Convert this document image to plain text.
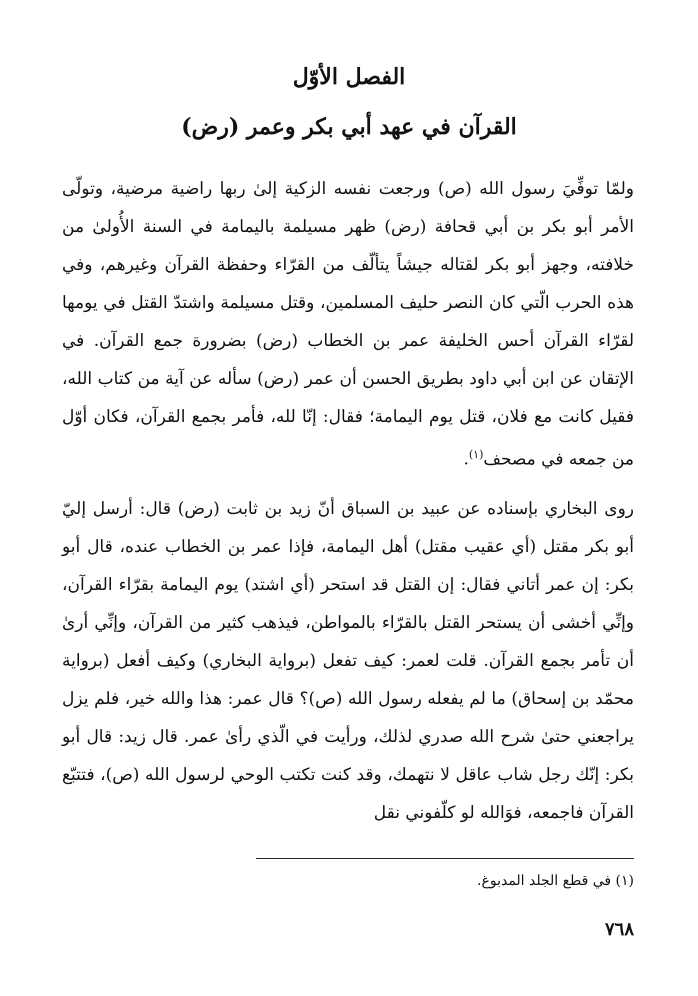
الفصل الأوّل
القرآن في عهد أبي بكر وعمر (رض)
ولمّا توفِّيَ رسول الله (ص) ورجعت نفسه الزكية إلىٰ ربها راضية مرضية، وتولّى الأمر أبو بكر بن أبي قحافة (رض) ظهر مسيلمة باليمامة في السنة الأُولىٰ من خلافته، وجهز أبو بكر لقتاله جيشاً يتألّف من القرّاء وحفظة القرآن وغيرهم، وفي هذه الحرب الّتي كان النصر حليف المسلمين، وقتل مسيلمة واشتدّ القتل في يومها لقرّاء القرآن أحس الخليفة عمر بن الخطاب (رض) بضرورة جمع القرآن. في الإتقان عن ابن أبي داود بطريق الحسن أن عمر (رض) سأله عن آية من كتاب الله، فقيل كانت مع فلان، قتل يوم اليمامة؛ فقال: إنّا لله، فأمر بجمع القرآن، فكان أوّل من جمعه في مصحف$^{(١)}$.
روى البخاري بإسناده عن عبيد بن السباق أنّ زيد بن ثابت (رض) قال: أرسل إليّ أبو بكر مقتل (أي عقيب مقتل) أهل اليمامة، فإذا عمر بن الخطاب عنده، قال أبو بكر: إن عمر أتاني فقال: إن القتل قد استحر (أي اشتد) يوم اليمامة بقرّاء القرآن، وإنِّي أخشى أن يستحر القتل بالقرّاء بالمواطن، فيذهب كثير من القرآن، وإنِّي أرىٰ أن تأمر بجمع القرآن. قلت لعمر: كيف تفعل (برواية البخاري) وكيف أفعل (برواية محمّد بن إسحاق) ما لم يفعله رسول الله (ص)؟ قال عمر: هذا والله خير، فلم يزل يراجعني حتىٰ شرح الله صدري لذلك، ورأيت في الّذي رأىٰ عمر. قال زيد: قال أبو بكر: إنّك رجل شاب عاقل لا نتهمك، وقد كنت تكتب الوحي لرسول الله (ص)، فتتبّع القرآن فاجمعه، فوَالله لو كلّفوني نقل
(١) في قطع الجلد المدبوغ.
٧٦٨
